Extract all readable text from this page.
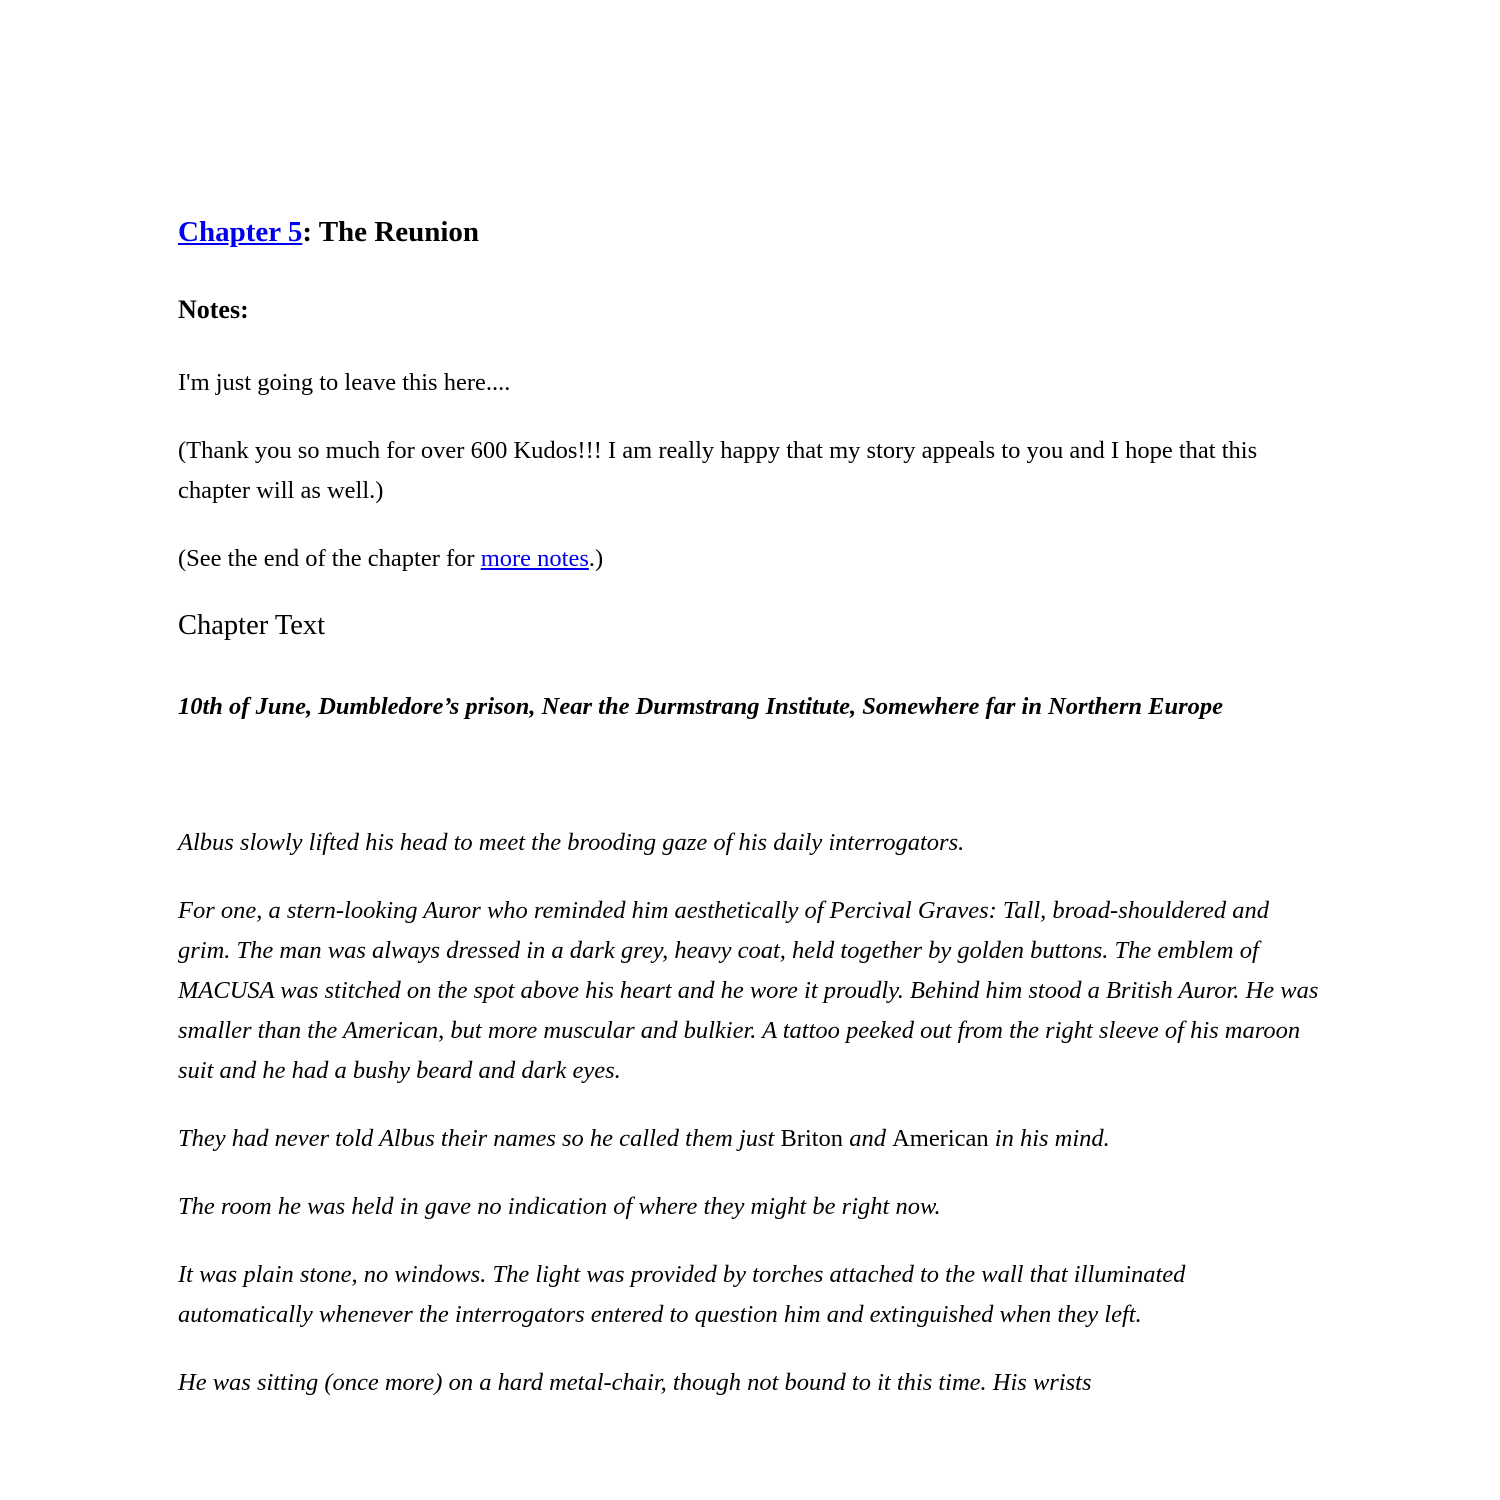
Chapter 5: The Reunion
Notes:

I'm just going to leave this here....

(Thank you so much for over 600 Kudos!!! I am really happy that my story appeals to you and I hope that this chapter will as well.)

(See the end of the chapter for more notes.)

Chapter Text

10th of June, Dumbledore’s prison, Near the Durmstrang Institute, Somewhere far in Northern Europe

Albus slowly lifted his head to meet the brooding gaze of his daily interrogators.

For one, a stern-looking Auror who reminded him aesthetically of Percival Graves: Tall, broad-shouldered and grim. The man was always dressed in a dark grey, heavy coat, held together by golden buttons. The emblem of MACUSA was stitched on the spot above his heart and he wore it proudly. Behind him stood a British Auror. He was smaller than the American, but more muscular and bulkier. A tattoo peeked out from the right sleeve of his maroon suit and he had a bushy beard and dark eyes.

They had never told Albus their names so he called them just Briton and American in his mind.

The room he was held in gave no indication of where they might be right now.

It was plain stone, no windows. The light was provided by torches attached to the wall that illuminated automatically whenever the interrogators entered to question him and extinguished when they left.

He was sitting (once more) on a hard metal-chair, though not bound to it this time. His wrists
